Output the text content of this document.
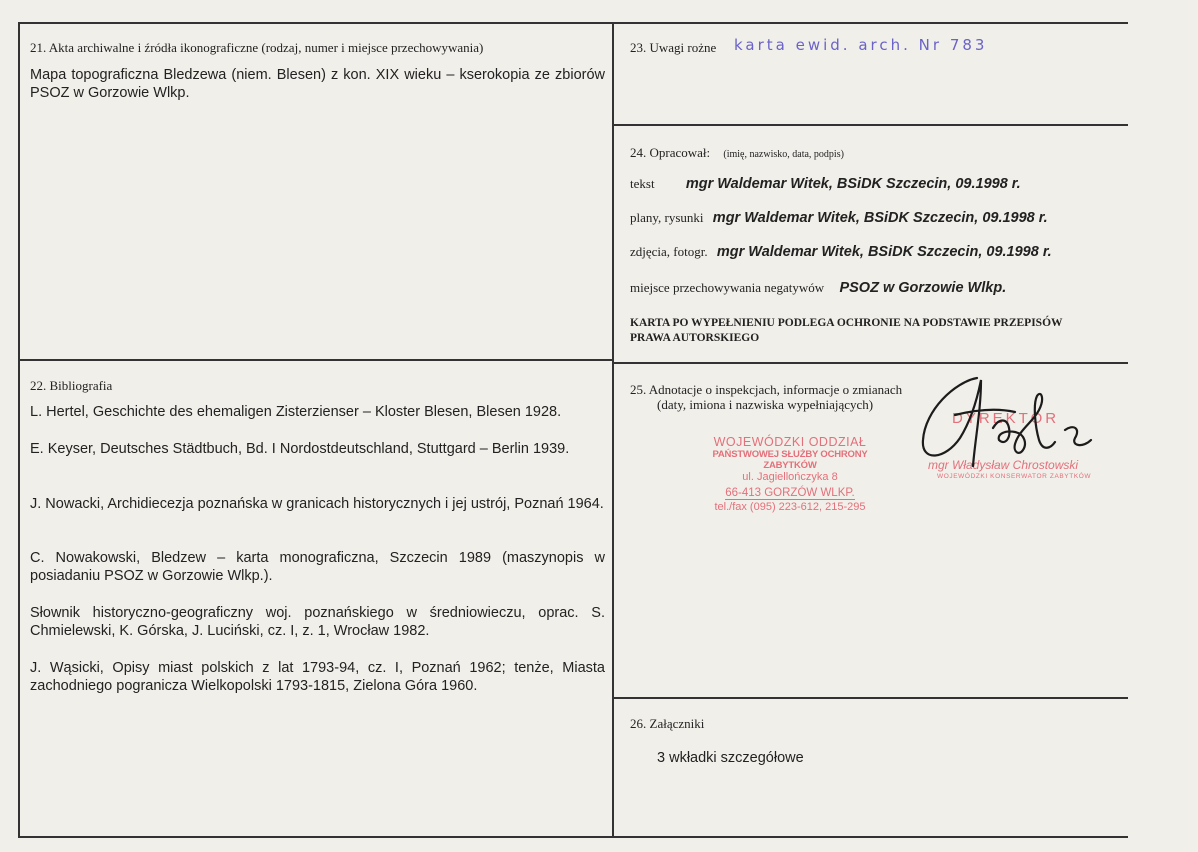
21. Akta archiwalne i źródła ikonograficzne (rodzaj, numer i miejsce przechowywania)
Mapa topograficzna Bledzewa (niem. Blesen) z kon. XIX wieku – kserokopia ze zbiorów PSOZ w Gorzowie Wlkp.
23. Uwagi rożne karta ewid. arch. Nr 783
24. Opracował: (imię, nazwisko, data, podpis)
tekst mgr Waldemar Witek, BSiDK Szczecin, 09.1998 r.
plany, rysunki mgr Waldemar Witek, BSiDK Szczecin, 09.1998 r.
zdjęcia, fotogr. mgr Waldemar Witek, BSiDK Szczecin, 09.1998 r.
miejsce przechowywania negatywów PSOZ w Gorzowie Wlkp.
KARTA PO WYPEŁNIENIU PODLEGA OCHRONIE NA PODSTAWIE PRZEPISÓW
PRAWA AUTORSKIEGO
22. Bibliografia
L. Hertel, Geschichte des ehemaligen Zisterzienser – Kloster Blesen, Blesen 1928.
E. Keyser, Deutsches Städtbuch, Bd. I Nordostdeutschland, Stuttgard – Berlin 1939.
J. Nowacki, Archidiecezja poznańska w granicach historycznych i jej ustrój, Poznań 1964.
C. Nowakowski, Bledzew – karta monograficzna, Szczecin 1989 (maszynopis w posiadaniu PSOZ w Gorzowie Wlkp.).
Słownik historyczno-geograficzny woj. poznańskiego w średniowieczu, oprac. S. Chmielewski, K. Górska, J. Luciński, cz. I, z. 1, Wrocław 1982.
J. Wąsicki, Opisy miast polskich z lat 1793-94, cz. I, Poznań 1962; tenże, Miasta zachodniego pogranicza Wielkopolski 1793-1815, Zielona Góra 1960.
25. Adnotacje o inspekcjach, informacje o zmianach
(daty, imiona i nazwiska wypełniających)
WOJEWÓDZKI ODDZIAŁ
PAŃSTWOWEJ SŁUŻBY OCHRONY ZABYTKÓW
ul. Jagiellończyka 8
66-413 GORZÓW WLKP.
tel./fax (095) 223-612, 215-295
DYREKTOR
mgr Władysław Chrostowski
WOJEWÓDZKI KONSERWATOR ZABYTKÓW
26. Załączniki
3 wkładki szczegółowe
